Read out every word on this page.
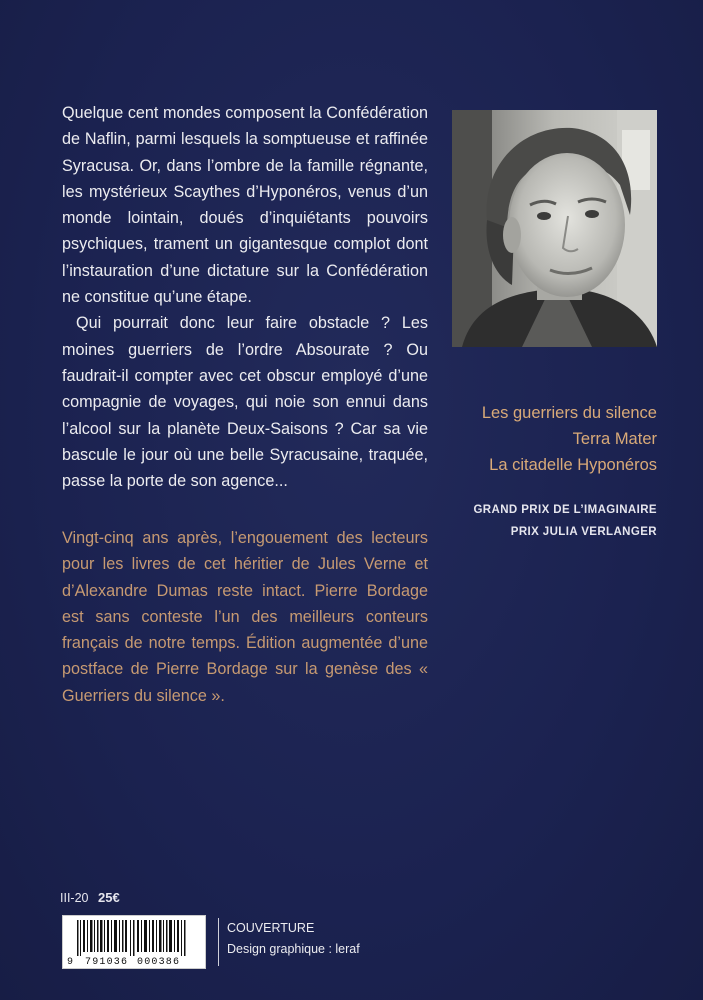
Quelque cent mondes composent la Confédération de Naflin, parmi lesquels la somptueuse et raffinée Syracusa. Or, dans l’ombre de la famille régnante, les mystérieux Scaythes d’Hyponéros, venus d’un monde lointain, doués d’inquiétants pouvoirs psychiques, trament un gigantesque complot dont l’instauration d’une dictature sur la Confédération ne constitue qu’une étape.

Qui pourrait donc leur faire obstacle ? Les moines guerriers de l’ordre Absourate ? Ou faudrait-il compter avec cet obscur employé d’une compagnie de voyages, qui noie son ennui dans l’alcool sur la planète Deux-Saisons ? Car sa vie bascule le jour où une belle Syracusaine, traquée, passe la porte de son agence...

Vingt-cinq ans après, l’engouement des lecteurs pour les livres de cet héritier de Jules Verne et d’Alexandre Dumas reste intact. Pierre Bordage est sans conteste l’un des meilleurs conteurs français de notre temps. Édition augmentée d’une postface de Pierre Bordage sur la genèse des « Guerriers du silence ».
Les guerriers du silence
Terra Mater
La citadelle Hyponéros
GRAND PRIX DE L’IMAGINAIRE
PRIX JULIA VERLANGER
III-20 25€
9 791036 000386
COUVERTURE
Design graphique : leraf
